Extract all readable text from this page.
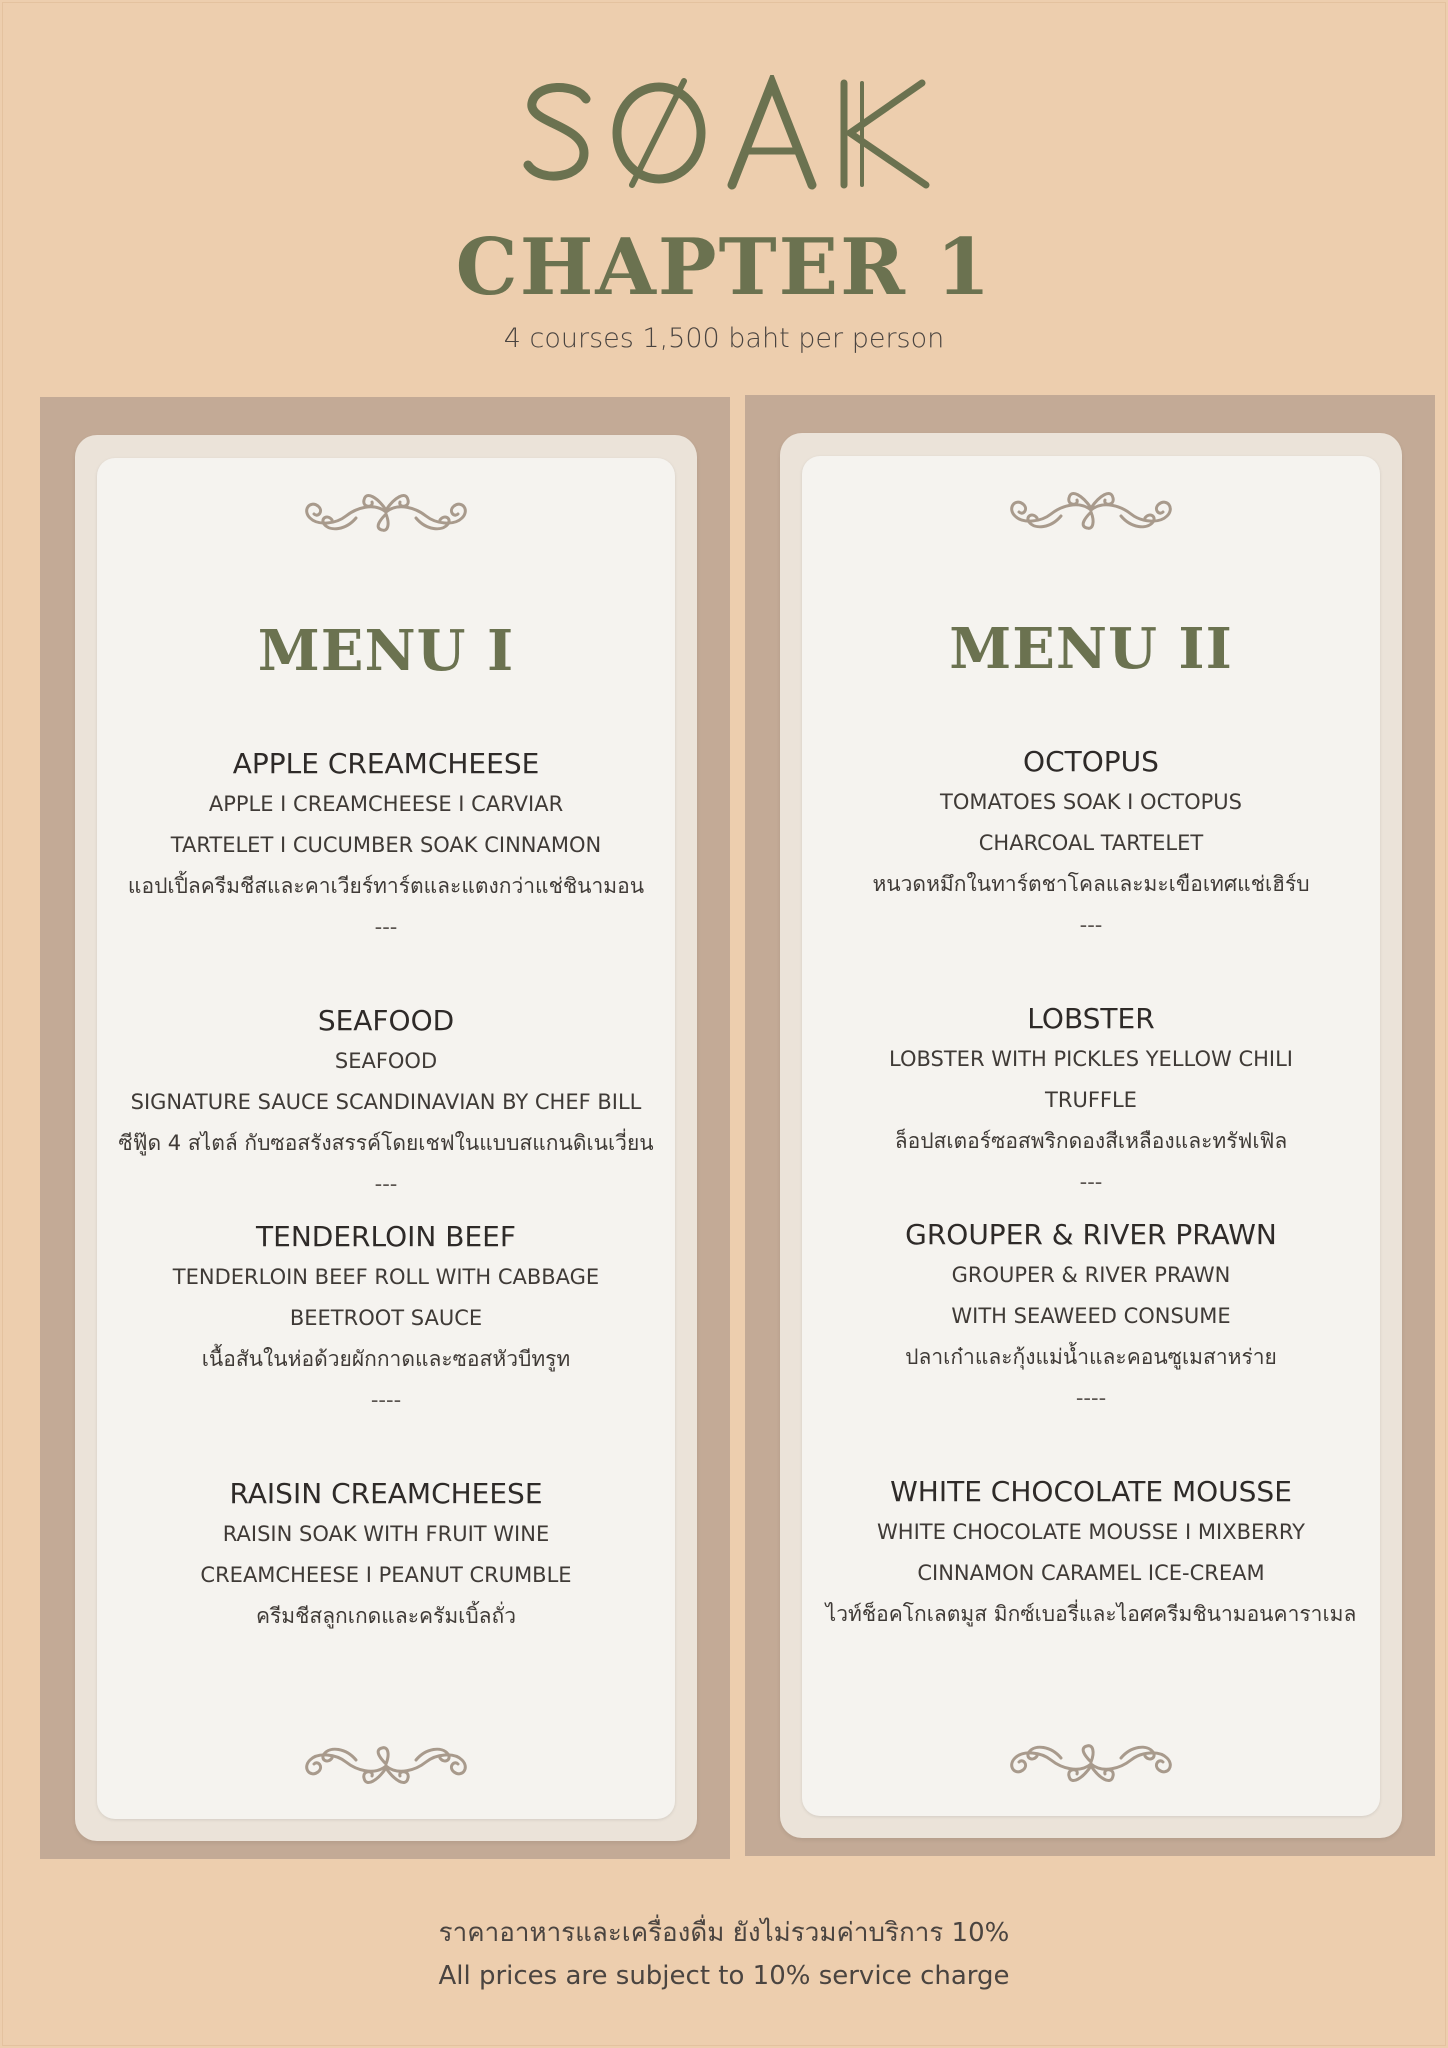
CHAPTER 1
4 courses 1,500 baht per person
MENU I
APPLE CREAMCHEESE
APPLE I CREAMCHEESE I CARVIAR
TARTELET I CUCUMBER SOAK CINNAMON
แอปเปิ้ลครีมชีสและคาเวียร์ทาร์ตและแตงกว่าแช่ชินามอน
---
SEAFOOD
SEAFOOD
SIGNATURE SAUCE SCANDINAVIAN BY CHEF BILL
ซีฟู๊ด 4 สไตล์ กับซอสรังสรรค์โดยเชฟในแบบสแกนดิเนเวี่ยน
---
TENDERLOIN BEEF
TENDERLOIN BEEF ROLL WITH CABBAGE
BEETROOT SAUCE
เนื้อสันในห่อด้วยผักกาดและซอสหัวบีทรูท
----
RAISIN CREAMCHEESE
RAISIN SOAK WITH FRUIT WINE
CREAMCHEESE I PEANUT CRUMBLE
ครีมชีสลูกเกดและครัมเบิ้ลถั่ว
MENU II
OCTOPUS
TOMATOES SOAK I OCTOPUS
CHARCOAL TARTELET
หนวดหมึกในทาร์ตชาโคลและมะเขือเทศแช่เฮิร์บ
---
LOBSTER
LOBSTER WITH PICKLES YELLOW CHILI
TRUFFLE
ล็อปสเตอร์ซอสพริกดองสีเหลืองและทรัฟเฟิล
---
GROUPER & RIVER PRAWN
GROUPER & RIVER PRAWN
WITH SEAWEED CONSUME
ปลาเก๋าและกุ้งแม่น้ำและคอนซูเมสาหร่าย
----
WHITE CHOCOLATE MOUSSE
WHITE CHOCOLATE MOUSSE I MIXBERRY
CINNAMON CARAMEL ICE-CREAM
ไวท์ช็อคโกเลตมูส มิกซ์เบอรี่และไอศครีมชินามอนคาราเมล
ราคาอาหารและเครื่องดื่ม ยังไม่รวมค่าบริการ 10%
All prices are subject to 10% service charge
